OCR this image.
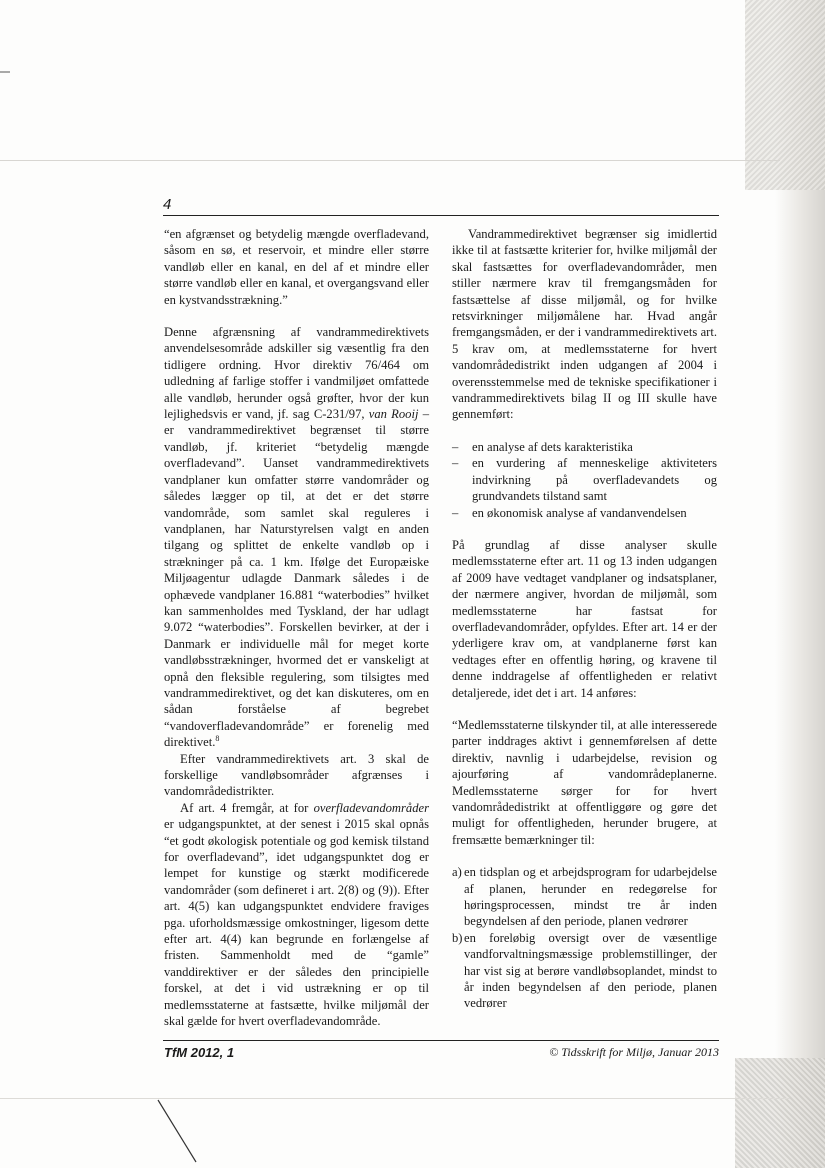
4

“en afgrænset og betydelig mængde overfladevand, såsom en sø, et reservoir, et mindre eller større vandløb eller en kanal, en del af et mindre eller større vandløb eller en kanal, et overgangsvand eller en kystvandsstrækning.”

Denne afgrænsning af vandrammedirektivets anvendelsesområde adskiller sig væsentlig fra den tidligere ordning. Hvor direktiv 76/464 om udledning af farlige stoffer i vandmiljøet omfattede alle vandløb, herunder også grøfter, hvor der kun lejlighedsvis er vand, jf. sag C-231/97, van Rooij – er vandrammedirektivet begrænset til større vandløb, jf. kriteriet “betydelig mængde overfladevand”. Uanset vandrammedirektivets vandplaner kun omfatter større vandområder og således lægger op til, at det er det større vandområde, som samlet skal reguleres i vandplanen, har Naturstyrelsen valgt en anden tilgang og splittet de enkelte vandløb op i strækninger på ca. 1 km. Ifølge det Europæiske Miljøagentur udlagde Danmark således i de ophævede vandplaner 16.881 “waterbodies” hvilket kan sammenholdes med Tyskland, der har udlagt 9.072 “waterbodies”. Forskellen bevirker, at der i Danmark er individuelle mål for meget korte vandløbsstrækninger, hvormed det er vanskeligt at opnå den fleksible regulering, som tilsigtes med vandrammedirektivet, og det kan diskuteres, om en sådan forståelse af begrebet “vandoverfladevandområde” er forenelig med direktivet.$^8$

Efter vandrammedirektivets art. 3 skal de forskellige vandløbsområder afgrænses i vandområdedistrikter.

Af art. 4 fremgår, at for overfladevandområder er udgangspunktet, at der senest i 2015 skal opnås “et godt økologisk potentiale og god kemisk tilstand for overfladevand”, idet udgangspunktet dog er lempet for kunstige og stærkt modificerede vandområder (som defineret i art. 2(8) og (9)). Efter art. 4(5) kan udgangspunktet endvidere fraviges pga. uforholdsmæssige omkostninger, ligesom dette efter art. 4(4) kan begrunde en forlængelse af fristen. Sammenholdt med de “gamle” vanddirektiver er der således den principielle forskel, at det i vid ustrækning er op til medlemsstaterne at fastsætte, hvilke miljømål der skal gælde for hvert overfladevandområde.

Vandrammedirektivet begrænser sig imidlertid ikke til at fastsætte kriterier for, hvilke miljømål der skal fastsættes for overfladevandområder, men stiller nærmere krav til fremgangsmåden for fastsættelse af disse miljømål, og for hvilke retsvirkninger miljømålene har. Hvad angår fremgangsmåden, er der i vandrammedirektivets art. 5 krav om, at medlemsstaterne for hvert vandområdedistrikt inden udgangen af 2004 i overensstemmelse med de tekniske specifikationer i vandrammedirektivets bilag II og III skulle have gennemført:

– en analyse af dets karakteristika
– en vurdering af menneskelige aktiviteters indvirkning på overfladevandets og grundvandets tilstand samt
– en økonomisk analyse af vandanvendelsen

På grundlag af disse analyser skulle medlemsstaterne efter art. 11 og 13 inden udgangen af 2009 have vedtaget vandplaner og indsatsplaner, der nærmere angiver, hvordan de miljømål, som medlemsstaterne har fastsat for overfladevandområder, opfyldes. Efter art. 14 er der yderligere krav om, at vandplanerne først kan vedtages efter en offentlig høring, og kravene til denne inddragelse af offentligheden er relativt detaljerede, idet det i art. 14 anføres:

“Medlemsstaterne tilskynder til, at alle interesserede parter inddrages aktivt i gennemførelsen af dette direktiv, navnlig i udarbejdelse, revision og ajourføring af vandområdeplanerne. Medlemsstaterne sørger for for hvert vandområdedistrikt at offentliggøre og gøre det muligt for offentligheden, herunder brugere, at fremsætte bemærkninger til:

a) en tidsplan og et arbejdsprogram for udarbejdelse af planen, herunder en redegørelse for høringsprocessen, mindst tre år inden begyndelsen af den periode, planen vedrører
b) en foreløbig oversigt over de væsentlige vandforvaltningsmæssige problemstillinger, der har vist sig at berøre vandløbsoplandet, mindst to år inden begyndelsen af den periode, planen vedrører
TfM 2012, 1	© Tidsskrift for Miljø, Januar 2013
